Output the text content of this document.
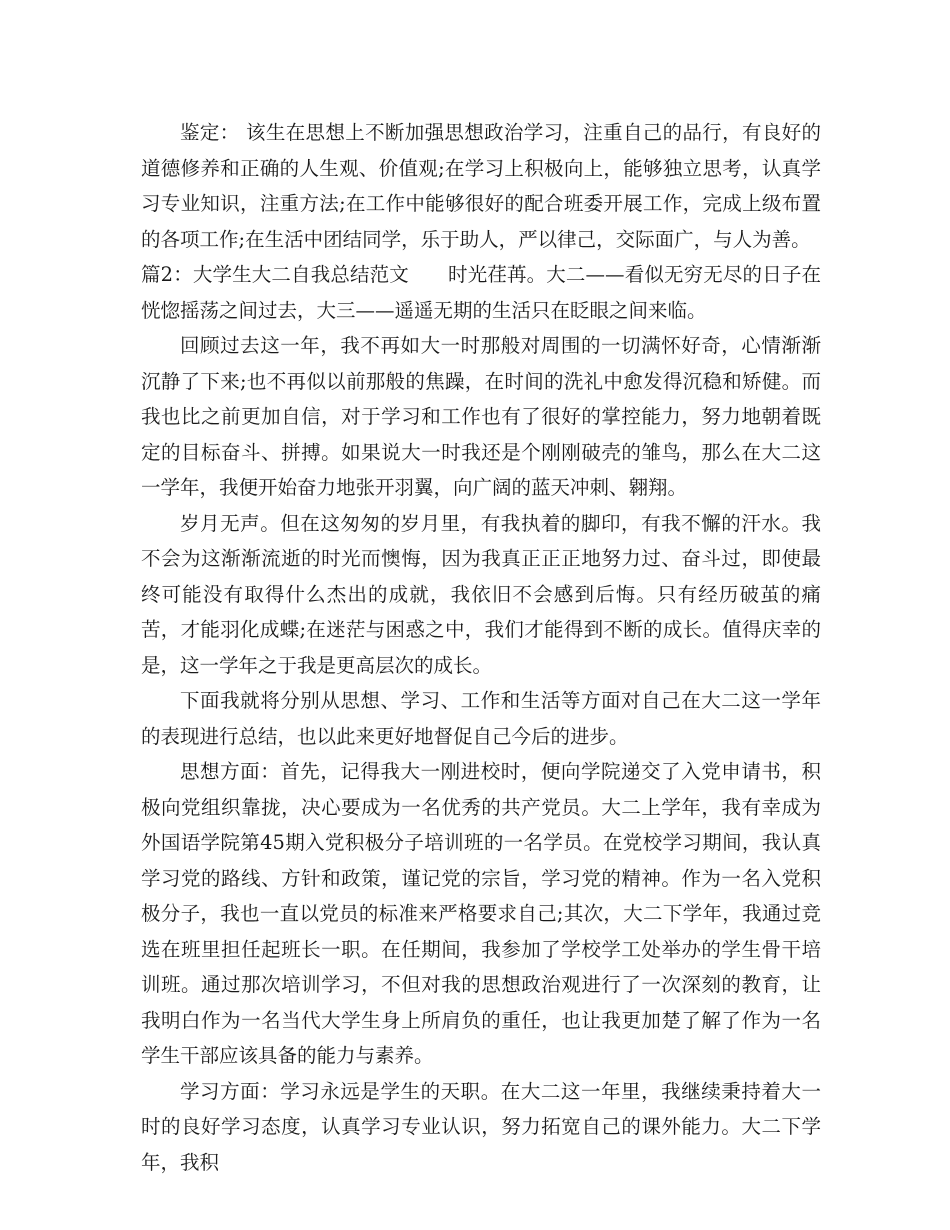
鉴定： 该生在思想上不断加强思想政治学习，注重自己的品行，有良好的道德修养和正确的人生观、价值观;在学习上积极向上，能够独立思考，认真学习专业知识，注重方法;在工作中能够很好的配合班委开展工作，完成上级布置的各项工作;在生活中团结同学，乐于助人，严以律己，交际面广，与人为善。

篇2：大学生大二自我总结范文 时光荏苒。大二——看似无穷无尽的日子在恍惚摇荡之间过去，大三——遥遥无期的生活只在眨眼之间来临。

回顾过去这一年，我不再如大一时那般对周围的一切满怀好奇，心情渐渐沉静了下来;也不再似以前那般的焦躁，在时间的洗礼中愈发得沉稳和矫健。而我也比之前更加自信，对于学习和工作也有了很好的掌控能力，努力地朝着既定的目标奋斗、拼搏。如果说大一时我还是个刚刚破壳的雏鸟，那么在大二这一学年，我便开始奋力地张开羽翼，向广阔的蓝天冲刺、翱翔。

岁月无声。但在这匆匆的岁月里，有我执着的脚印，有我不懈的汗水。我不会为这渐渐流逝的时光而懊悔，因为我真正正正地努力过、奋斗过，即使最终可能没有取得什么杰出的成就，我依旧不会感到后悔。只有经历破茧的痛苦，才能羽化成蝶;在迷茫与困惑之中，我们才能得到不断的成长。值得庆幸的是，这一学年之于我是更高层次的成长。

下面我就将分别从思想、学习、工作和生活等方面对自己在大二这一学年的表现进行总结，也以此来更好地督促自己今后的进步。

思想方面：首先，记得我大一刚进校时，便向学院递交了入党申请书，积极向党组织靠拢，决心要成为一名优秀的共产党员。大二上学年，我有幸成为外国语学院第45期入党积极分子培训班的一名学员。在党校学习期间，我认真学习党的路线、方针和政策，谨记党的宗旨，学习党的精神。作为一名入党积极分子，我也一直以党员的标准来严格要求自己;其次，大二下学年，我通过竞选在班里担任起班长一职。在任期间，我参加了学校学工处举办的学生骨干培训班。通过那次培训学习，不但对我的思想政治观进行了一次深刻的教育，让我明白作为一名当代大学生身上所肩负的重任，也让我更加楚了解了作为一名学生干部应该具备的能力与素养。

学习方面：学习永远是学生的天职。在大二这一年里，我继续秉持着大一时的良好学习态度，认真学习专业认识，努力拓宽自己的课外能力。大二下学年，我积
